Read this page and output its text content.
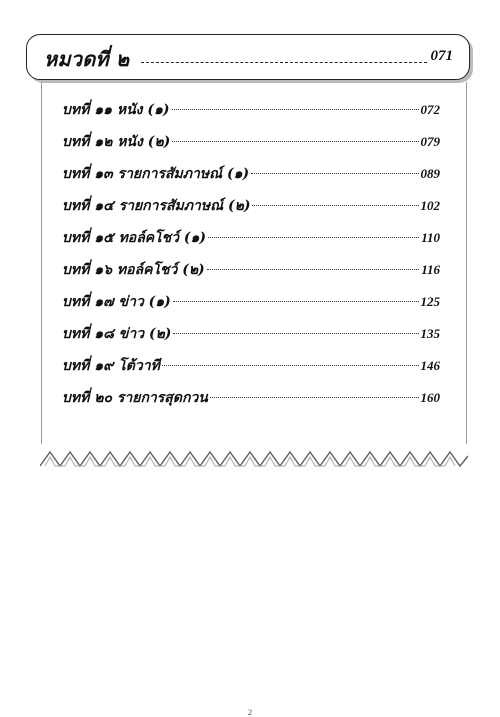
หมวดที่ ๒	071
บทที่ ๑๑ หนัง (๑)	072
บทที่ ๑๒ หนัง (๒)	079
บทที่ ๑๓ รายการสัมภาษณ์ (๑)	089
บทที่ ๑๔ รายการสัมภาษณ์ (๒)	102
บทที่ ๑๕ ทอล์คโชว์ (๑)	110
บทที่ ๑๖ ทอล์คโชว์ (๒)	116
บทที่ ๑๗ ข่าว (๑)	125
บทที่ ๑๘ ข่าว (๒)	135
บทที่ ๑๙ โต้วาที	146
บทที่ ๒๐ รายการสุดกวน	160
2
